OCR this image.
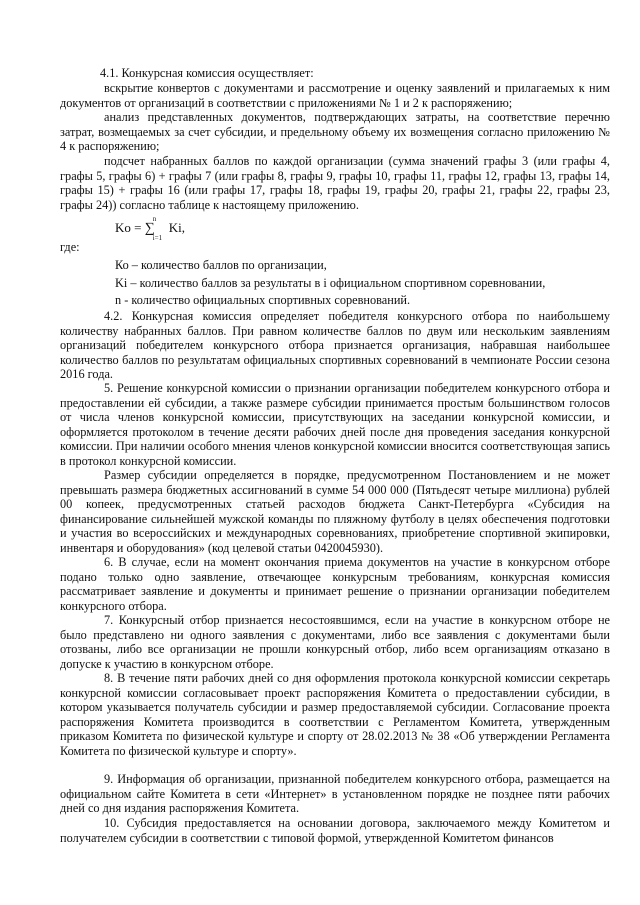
4.1. Конкурсная комиссия осуществляет:

вскрытие конвертов с документами и рассмотрение и оценку заявлений и прилагаемых к ним документов от организаций в соответствии с приложениями № 1 и 2 к распоряжению;

анализ представленных документов, подтверждающих затраты, на соответствие перечню затрат, возмещаемых за счет субсидии, и предельному объему их возмещения согласно приложению № 4 к распоряжению;

подсчет набранных баллов по каждой организации (сумма значений графы 3 (или графы 4, графы 5, графы 6) + графы 7 (или графы 8, графы 9, графы 10, графы 11, графы 12, графы 13, графы 14, графы 15) + графы 16 (или графы 17, графы 18, графы 19, графы 20, графы 21, графы 22, графы 23, графы 24)) согласно таблице к настоящему приложению.

Ko = ∑
n
i=1
Ki,

где:

Ко – количество баллов по организации,

Ki – количество баллов за результаты в i официальном спортивном соревновании,

n - количество официальных спортивных соревнований.

4.2. Конкурсная комиссия определяет победителя конкурсного отбора по наибольшему количеству набранных баллов. При равном количестве баллов по двум или нескольким заявлениям организаций победителем конкурсного отбора признается организация, набравшая наибольшее количество баллов по результатам официальных спортивных соревнований в чемпионате России сезона 2016 года.

5. Решение конкурсной комиссии о признании организации победителем конкурсного отбора и предоставлении ей субсидии, а также размере субсидии принимается простым большинством голосов от числа членов конкурсной комиссии, присутствующих на заседании конкурсной комиссии, и оформляется протоколом в течение десяти рабочих дней после дня проведения заседания конкурсной комиссии. При наличии особого мнения членов конкурсной комиссии вносится соответствующая запись в протокол конкурсной комиссии.

Размер субсидии определяется в порядке, предусмотренном Постановлением и не может превышать размера бюджетных ассигнований в сумме 54 000 000 (Пятьдесят четыре миллиона) рублей 00 копеек, предусмотренных статьей расходов бюджета Санкт-Петербурга «Субсидия на финансирование сильнейшей мужской команды по пляжному футболу в целях обеспечения подготовки и участия во всероссийских и международных соревнованиях, приобретение спортивной экипировки, инвентаря и оборудования» (код целевой статьи 0420045930).

6. В случае, если на момент окончания приема документов на участие в конкурсном отборе подано только одно заявление, отвечающее конкурсным требованиям, конкурсная комиссия рассматривает заявление и документы и принимает решение о признании организации победителем конкурсного отбора.

7. Конкурсный отбор признается несостоявшимся, если на участие в конкурсном отборе не было представлено ни одного заявления с документами, либо все заявления с документами были отозваны, либо все организации не прошли конкурсный отбор, либо всем организациям отказано в допуске к участию в конкурсном отборе.

8. В течение пяти рабочих дней со дня оформления протокола конкурсной комиссии секретарь конкурсной комиссии согласовывает проект распоряжения Комитета о предоставлении субсидии, в котором указывается получатель субсидии и размер предоставляемой субсидии. Согласование проекта распоряжения Комитета производится в соответствии с Регламентом Комитета, утвержденным приказом Комитета по физической культуре и спорту от 28.02.2013 № 38 «Об утверждении Регламента Комитета по физической культуре и спорту».

9. Информация об организации, признанной победителем конкурсного отбора, размещается на официальном сайте Комитета в сети «Интернет» в установленном порядке не позднее пяти рабочих дней со дня издания распоряжения Комитета.

10. Субсидия предоставляется на основании договора, заключаемого между Комитетом и получателем субсидии в соответствии с типовой формой, утвержденной Комитетом финансов
